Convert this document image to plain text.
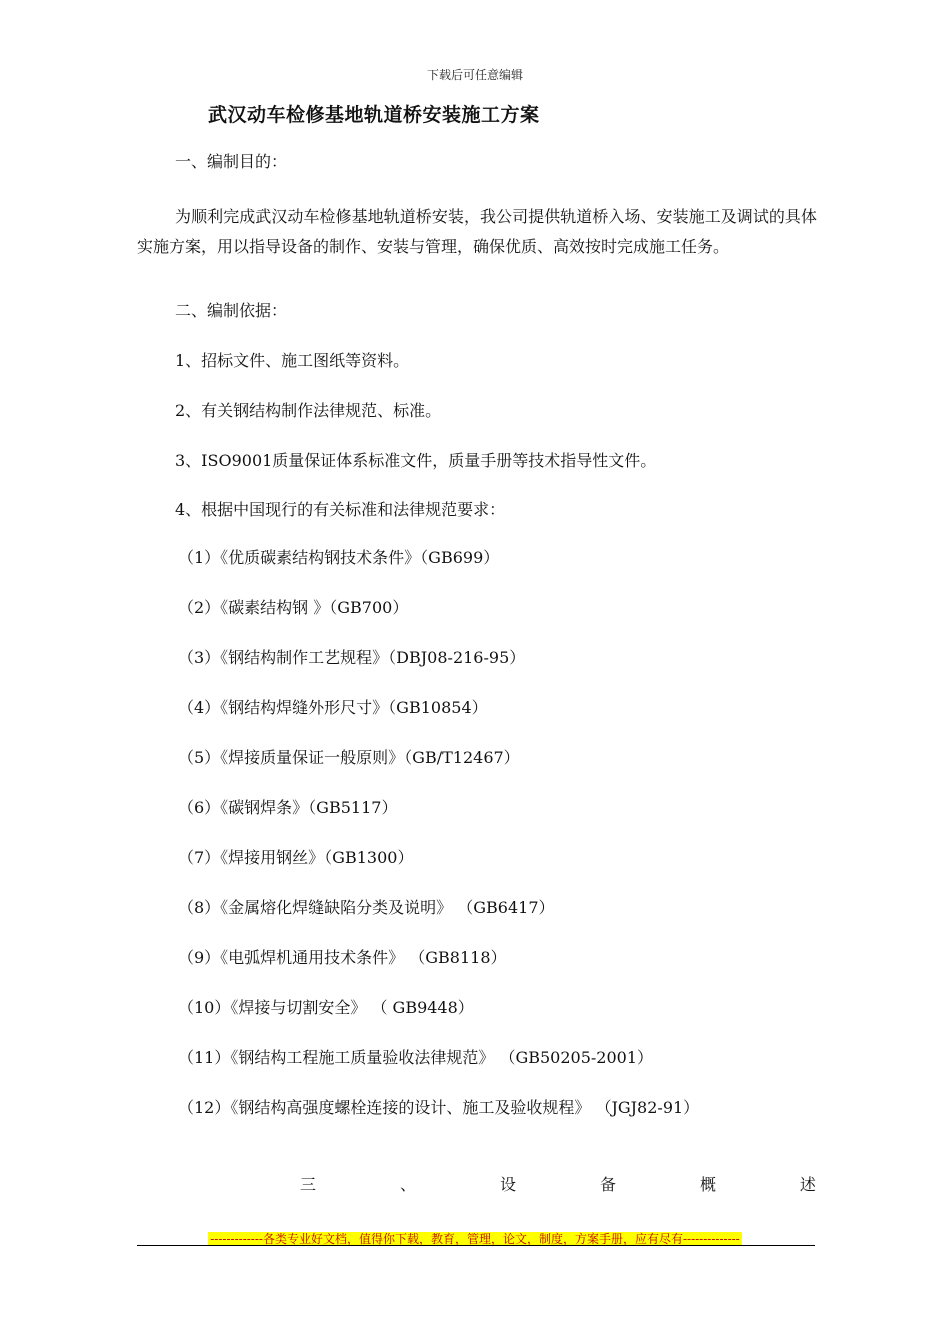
下载后可任意编辑
武汉动车检修基地轨道桥安装施工方案
一、编制目的：
为顺利完成武汉动车检修基地轨道桥安装，我公司提供轨道桥入场、安装施工及调试的具体实施方案，用以指导设备的制作、安装与管理，确保优质、高效按时完成施工任务。
二、编制依据：
1、招标文件、施工图纸等资料。
2、有关钢结构制作法律规范、标准。
3、ISO9001质量保证体系标准文件，质量手册等技术指导性文件。
4、根据中国现行的有关标准和法律规范要求：
（1）《优质碳素结构钢技术条件》（GB699）
（2）《碳素结构钢 》（GB700）
（3）《钢结构制作工艺规程》（DBJ08-216-95）
（4）《钢结构焊缝外形尺寸》（GB10854）
（5）《焊接质量保证一般原则》（GB/T12467）
（6）《碳钢焊条》（GB5117）
（7）《焊接用钢丝》（GB1300）
（8）《金属熔化焊缝缺陷分类及说明》 （GB6417）
（9）《电弧焊机通用技术条件》 （GB8118）
（10）《焊接与切割安全》 （ GB9448）
（11）《钢结构工程施工质量验收法律规范》 （GB50205-2001）
（12）《钢结构高强度螺栓连接的设计、施工及验收规程》 （JGJ82-91）
三	、	设	备	概	述
-------------各类专业好文档，值得你下载，教育，管理，论文，制度，方案手册，应有尽有--------------
